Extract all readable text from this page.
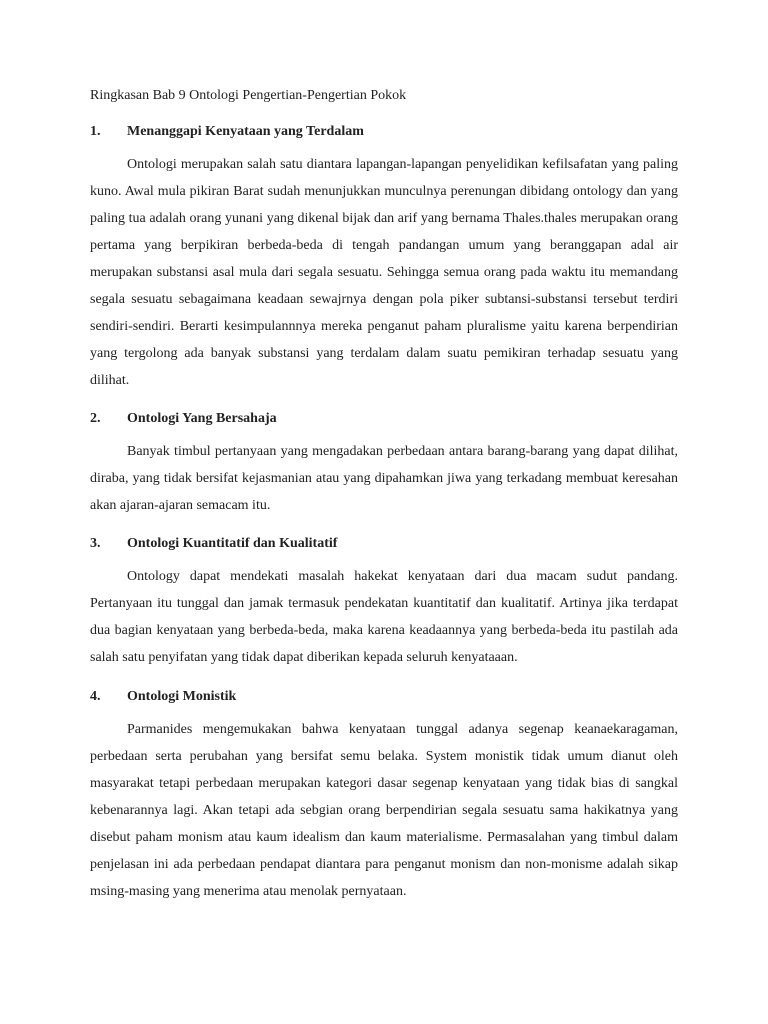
Ringkasan Bab 9 Ontologi Pengertian-Pengertian Pokok

1.	Menanggapi Kenyataan yang Terdalam

Ontologi merupakan salah satu diantara lapangan-lapangan penyelidikan kefilsafatan yang paling kuno. Awal mula pikiran Barat sudah menunjukkan munculnya perenungan dibidang ontology dan yang paling tua adalah orang yunani yang dikenal bijak dan arif yang bernama Thales.thales merupakan orang pertama yang berpikiran berbeda-beda di tengah pandangan umum yang beranggapan adal air merupakan substansi asal mula dari segala sesuatu. Sehingga semua orang pada waktu itu memandang segala sesuatu sebagaimana keadaan sewajrnya dengan pola piker subtansi-substansi tersebut terdiri sendiri-sendiri. Berarti kesimpulannnya mereka penganut paham pluralisme yaitu karena berpendirian yang tergolong ada banyak substansi yang terdalam dalam suatu pemikiran terhadap sesuatu yang dilihat.

2.	Ontologi Yang Bersahaja

Banyak timbul pertanyaan yang mengadakan perbedaan antara barang-barang yang dapat dilihat, diraba, yang tidak bersifat kejasmanian atau yang dipahamkan jiwa yang terkadang membuat keresahan akan ajaran-ajaran semacam itu.

3.	Ontologi Kuantitatif dan Kualitatif

Ontology dapat mendekati masalah hakekat kenyataan dari dua macam sudut pandang. Pertanyaan itu tunggal dan jamak termasuk pendekatan kuantitatif dan kualitatif. Artinya jika terdapat dua bagian kenyataan yang berbeda-beda, maka karena keadaannya yang berbeda-beda itu pastilah ada salah satu penyifatan yang tidak dapat diberikan kepada seluruh kenyataaan.

4.	Ontologi Monistik

Parmanides mengemukakan bahwa kenyataan tunggal adanya segenap keanaekaragaman, perbedaan serta perubahan yang bersifat semu belaka. System monistik tidak umum dianut oleh masyarakat tetapi perbedaan merupakan kategori dasar segenap kenyataan yang tidak bias di sangkal kebenarannya lagi. Akan tetapi ada sebgian orang berpendirian segala sesuatu sama hakikatnya yang disebut paham monism atau kaum idealism dan kaum materialisme. Permasalahan yang timbul dalam penjelasan ini ada perbedaan pendapat diantara para penganut monism dan non-monisme adalah sikap msing-masing yang menerima atau menolak pernyataan.
